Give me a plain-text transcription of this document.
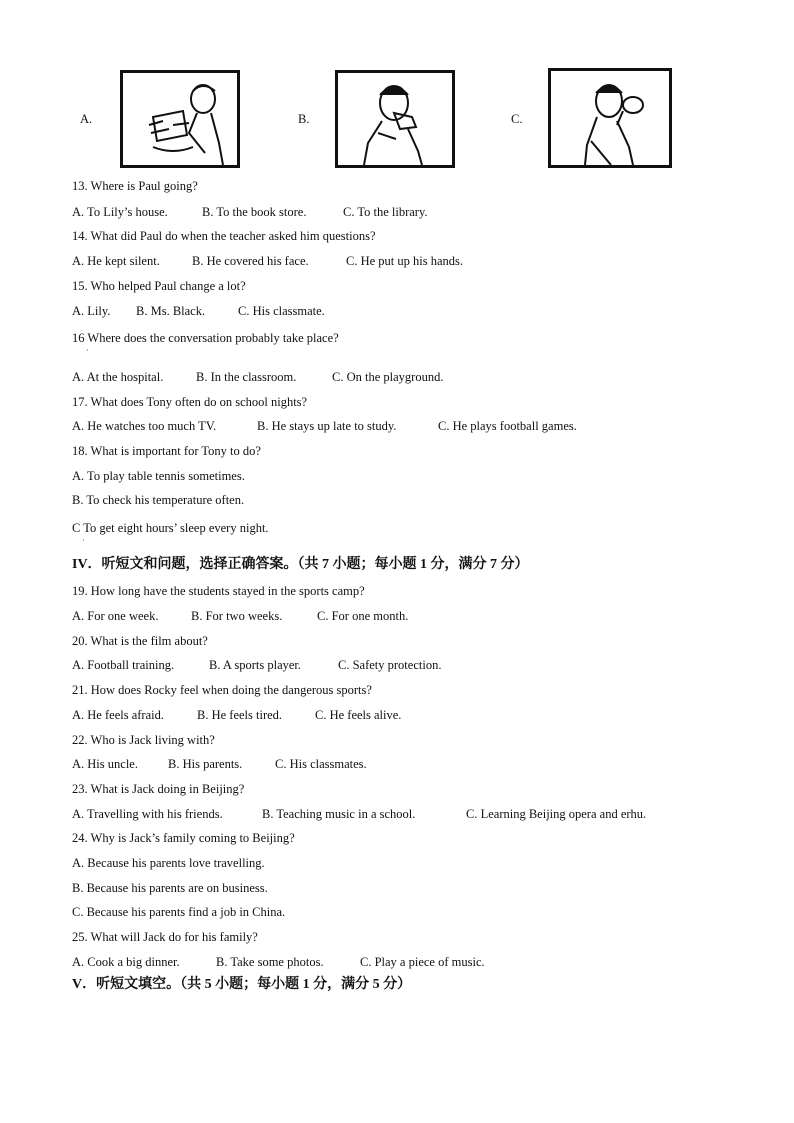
A.	B.	C.
13. Where is Paul going?
A. To Lily’s house.	B. To the book store.	C. To the library.
14. What did Paul do when the teacher asked him questions?
A. He kept silent.	B. He covered his face.	C. He put up his hands.
15. Who helped Paul change a lot?
A. Lily. B. Ms. Black.	C. His classmate.
16 Where does the conversation probably take place?
·
A. At the hospital.	B. In the classroom.	C. On the playground.
17. What does Tony often do on school nights?
A. He watches too much TV.	B. He stays up late to study.	C. He plays football games.
18. What is important for Tony to do?
A. To play table tennis sometimes.
B. To check his temperature often.
C To get eight hours’ sleep every night.
·
IV．听短文和问题，选择正确答案。（共 7 小题；每小题 1 分，满分 7 分）
19. How long have the students stayed in the sports camp?
A. For one week.	B. For two weeks.	C. For one month.
20. What is the film about?
A. Football training.	B. A sports player.	C. Safety protection.
21. How does Rocky feel when doing the dangerous sports?
A. He feels afraid.	B. He feels tired.	C. He feels alive.
22. Who is Jack living with?
A. His uncle. B. His parents.	C. His classmates.
23. What is Jack doing in Beijing?
A. Travelling with his friends.	B. Teaching music in a school.	C. Learning Beijing opera and erhu.
24. Why is Jack’s family coming to Beijing?
A. Because his parents love travelling.
B. Because his parents are on business.
C. Because his parents find a job in China.
25. What will Jack do for his family?
A. Cook a big dinner.	B. Take some photos.	C. Play a piece of music.
V．听短文填空。（共 5 小题；每小题 1 分，满分 5 分）
